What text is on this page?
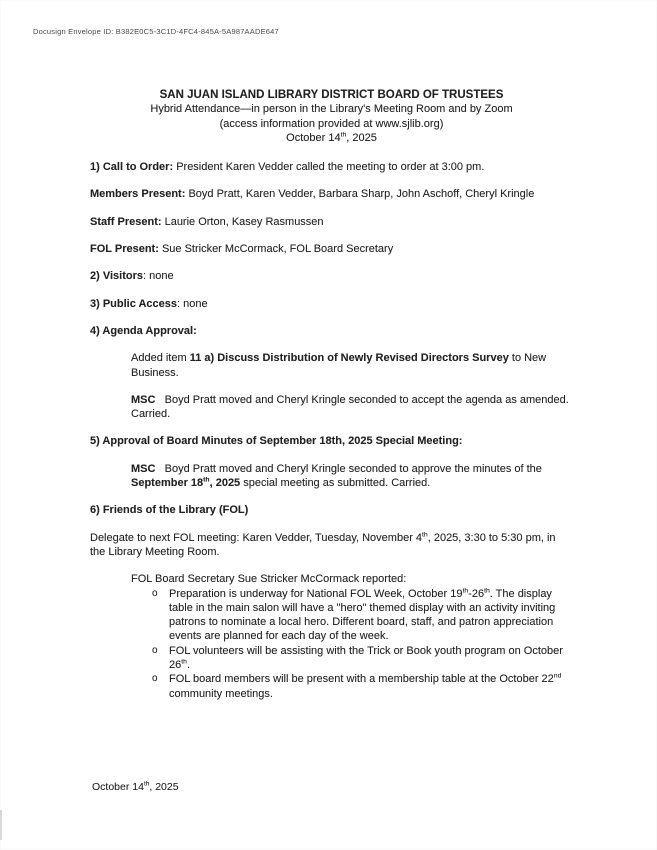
Docusign Envelope ID: B382E0C5-3C1D-4FC4-845A-5A987AADE647
SAN JUAN ISLAND LIBRARY DISTRICT BOARD OF TRUSTEES
Hybrid Attendance—in person in the Library's Meeting Room and by Zoom
(access information provided at www.sjlib.org)
October 14th, 2025

1) Call to Order: President Karen Vedder called the meeting to order at 3:00 pm.

Members Present: Boyd Pratt, Karen Vedder, Barbara Sharp, John Aschoff, Cheryl Kringle

Staff Present: Laurie Orton, Kasey Rasmussen

FOL Present: Sue Stricker McCormack, FOL Board Secretary

2) Visitors: none

3) Public Access: none

4) Agenda Approval:

Added item 11 a) Discuss Distribution of Newly Revised Directors Survey to New Business.

MSC   Boyd Pratt moved and Cheryl Kringle seconded to accept the agenda as amended. Carried.

5) Approval of Board Minutes of September 18th, 2025 Special Meeting:

MSC   Boyd Pratt moved and Cheryl Kringle seconded to approve the minutes of the September 18th, 2025 special meeting as submitted. Carried.

6) Friends of the Library (FOL)

Delegate to next FOL meeting: Karen Vedder, Tuesday, November 4th, 2025, 3:30 to 5:30 pm, in the Library Meeting Room.

FOL Board Secretary Sue Stricker McCormack reported:

o	Preparation is underway for National FOL Week, October 19th-26th. The display table in the main salon will have a "hero" themed display with an activity inviting patrons to nominate a local hero. Different board, staff, and patron appreciation events are planned for each day of the week.
o	FOL volunteers will be assisting with the Trick or Book youth program on October 26th.
o	FOL board members will be present with a membership table at the October 22nd community meetings.
October 14th, 2025
